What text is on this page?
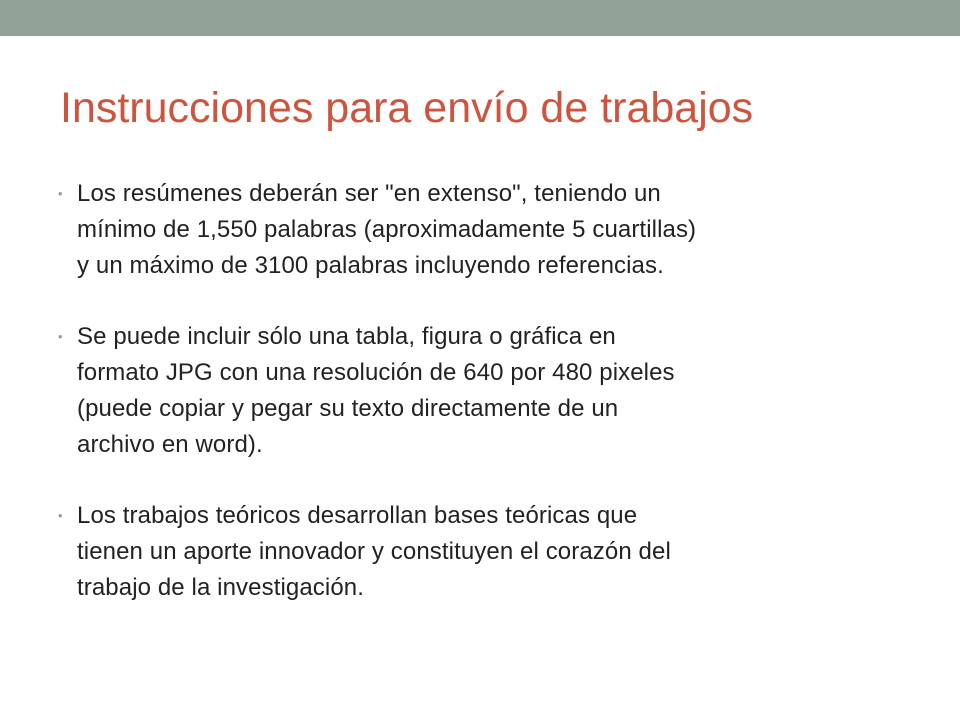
Instrucciones para envío de trabajos
• Los resúmenes deberán ser "en extenso", teniendo un
mínimo de 1,550 palabras (aproximadamente 5 cuartillas)
y un máximo de 3100 palabras incluyendo referencias.
• Se puede incluir sólo una tabla, figura o gráfica en
formato JPG con una resolución de 640 por 480 pixeles
(puede copiar y pegar su texto directamente de un
archivo en word).
• Los trabajos teóricos desarrollan bases teóricas que
tienen un aporte innovador y constituyen el corazón del
trabajo de la investigación.
